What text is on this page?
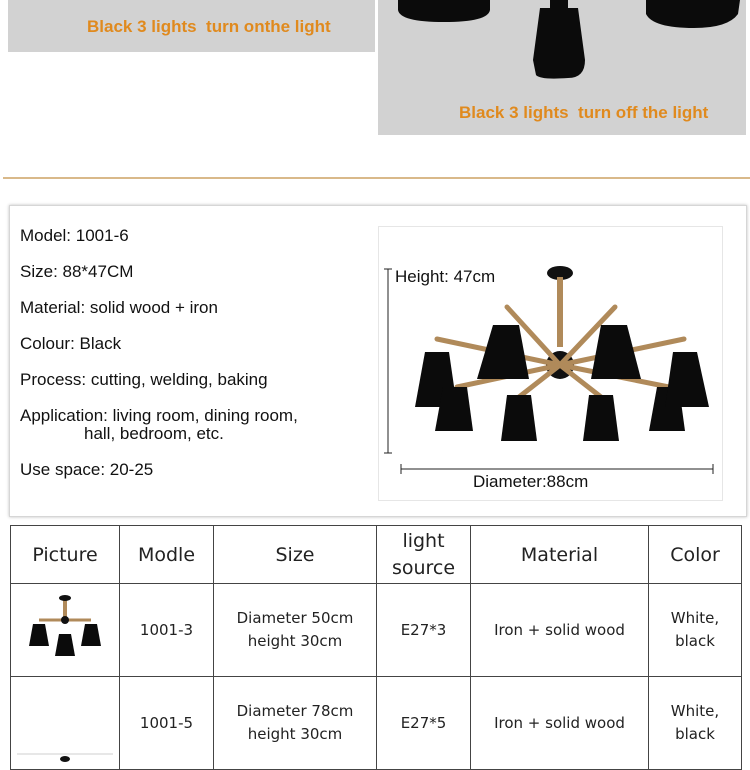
Black 3 lights  turn onthe light
Black 3 lights  turn off the light
Model: 1001-6
Size: 88*47CM
Material: solid wood + iron
Colour: Black
Process: cutting, welding, baking
Application: living room, dining room,
hall, bedroom, etc.
Use space: 20-25
Height: 47cm
Diameter:88cm
Picture	Modle	Size	light
source	Material	Color
	1001-3	Diameter 50cm
height 30cm	E27*3	Iron + solid wood	White,
black
	1001-5	Diameter 78cm
height 30cm	E27*5	Iron + solid wood	White,
black
